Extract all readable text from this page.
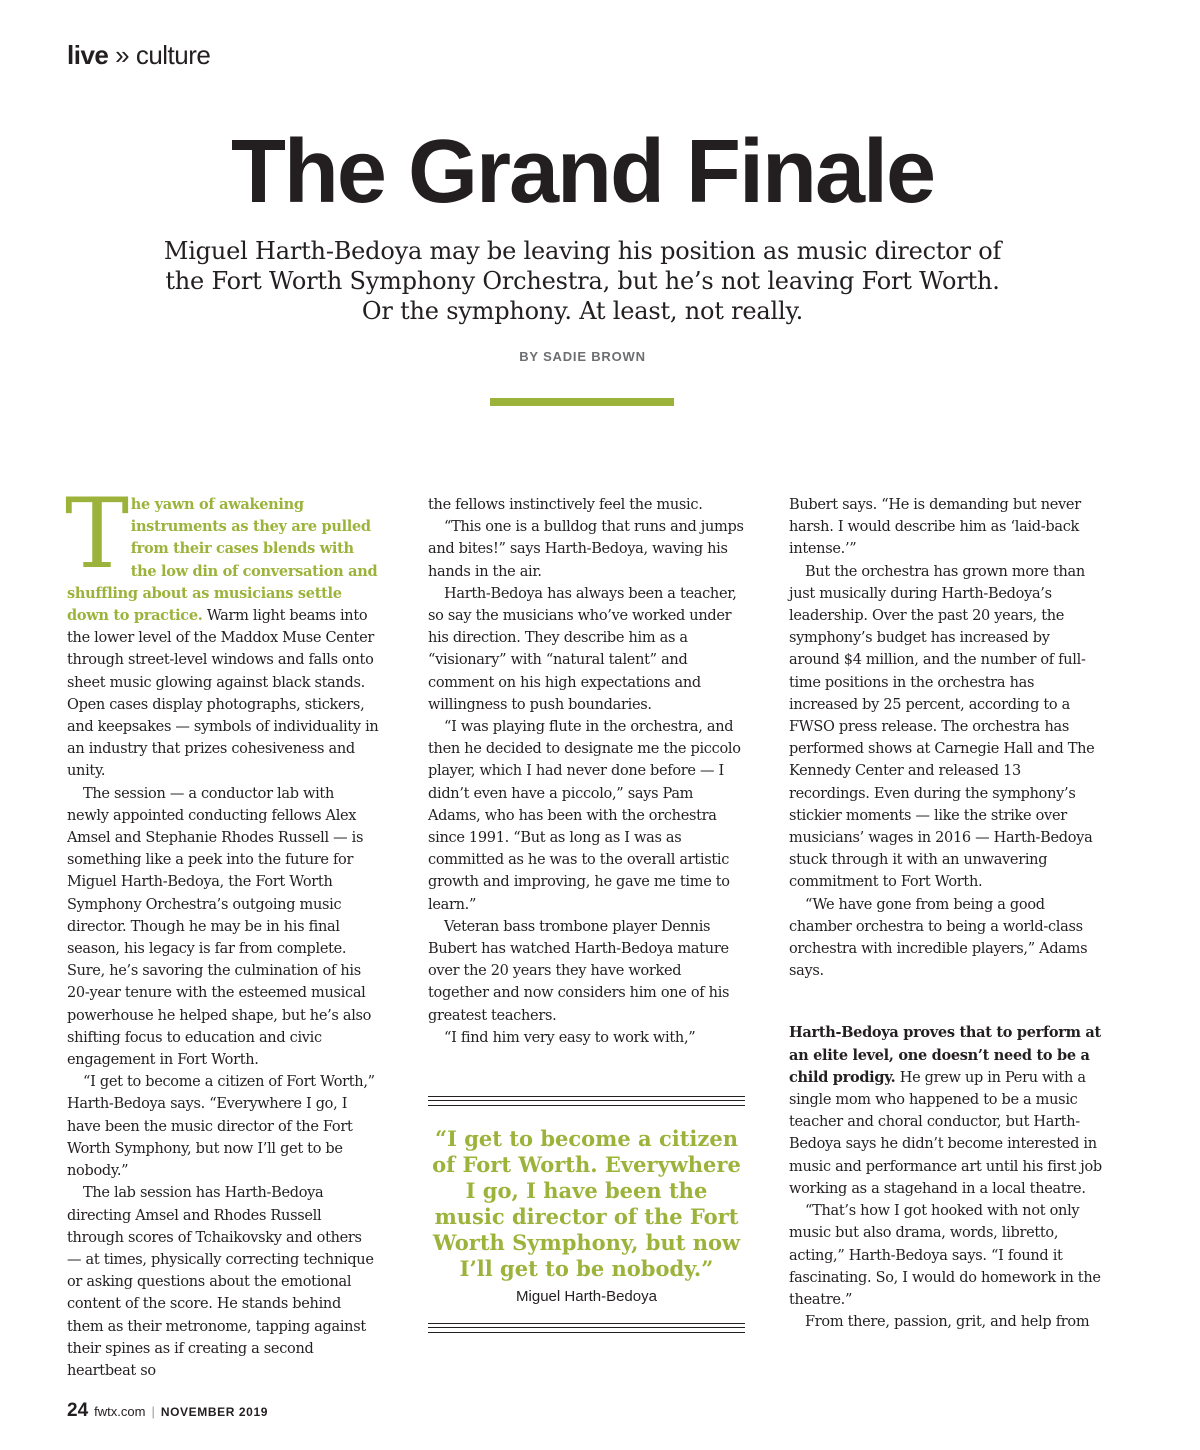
live » culture
The Grand Finale
Miguel Harth-Bedoya may be leaving his position as music director of the Fort Worth Symphony Orchestra, but he’s not leaving Fort Worth. Or the symphony. At least, not really.
BY SADIE BROWN

The yawn of awakening instruments as they are pulled from their cases blends with the low din of conversation and shuffling about as musicians settle down to practice. Warm light beams into the lower level of the Maddox Muse Center through street-level windows and falls onto sheet music glowing against black stands. Open cases display photographs, stickers, and keepsakes — symbols of individuality in an industry that prizes cohesiveness and unity.

The session — a conductor lab with newly appointed conducting fellows Alex Amsel and Stephanie Rhodes Russell — is something like a peek into the future for Miguel Harth-Bedoya, the Fort Worth Symphony Orchestra’s outgoing music director. Though he may be in his final season, his legacy is far from complete. Sure, he’s savoring the culmination of his 20-year tenure with the esteemed musical powerhouse he helped shape, but he’s also shifting focus to education and civic engagement in Fort Worth.

“I get to become a citizen of Fort Worth,” Harth-Bedoya says. “Everywhere I go, I have been the music director of the Fort Worth Symphony, but now I’ll get to be nobody.”

The lab session has Harth-Bedoya directing Amsel and Rhodes Russell through scores of Tchaikovsky and others — at times, physically correcting technique or asking questions about the emotional content of the score. He stands behind them as their metronome, tapping against their spines as if creating a second heartbeat so

the fellows instinctively feel the music.

“This one is a bulldog that runs and jumps and bites!” says Harth-Bedoya, waving his hands in the air.

Harth-Bedoya has always been a teacher, so say the musicians who’ve worked under his direction. They describe him as a “visionary” with “natural talent” and comment on his high expectations and willingness to push boundaries.

“I was playing flute in the orchestra, and then he decided to designate me the piccolo player, which I had never done before — I didn’t even have a piccolo,” says Pam Adams, who has been with the orchestra since 1991. “But as long as I was as committed as he was to the overall artistic growth and improving, he gave me time to learn.”

Veteran bass trombone player Dennis Bubert has watched Harth-Bedoya mature over the 20 years they have worked together and now considers him one of his greatest teachers.

“I find him very easy to work with,”

“I get to become a citizen of Fort Worth. Everywhere I go, I have been the music director of the Fort Worth Symphony, but now I’ll get to be nobody.”
Miguel Harth-Bedoya

Bubert says. “He is demanding but never harsh. I would describe him as ‘laid-back intense.’”

But the orchestra has grown more than just musically during Harth-Bedoya’s leadership. Over the past 20 years, the symphony’s budget has increased by around $4 million, and the number of full-time positions in the orchestra has increased by 25 percent, according to a FWSO press release. The orchestra has performed shows at Carnegie Hall and The Kennedy Center and released 13 recordings. Even during the symphony’s stickier moments — like the strike over musicians’ wages in 2016 — Harth-Bedoya stuck through it with an unwavering commitment to Fort Worth.

“We have gone from being a good chamber orchestra to being a world-class orchestra with incredible players,” Adams says.

Harth-Bedoya proves that to perform at an elite level, one doesn’t need to be a child prodigy. He grew up in Peru with a single mom who happened to be a music teacher and choral conductor, but Harth-Bedoya says he didn’t become interested in music and performance art until his first job working as a stagehand in a local theatre.

“That’s how I got hooked with not only music but also drama, words, libretto, acting,” Harth-Bedoya says. “I found it fascinating. So, I would do homework in the theatre.”

From there, passion, grit, and help from

24 fwtx.com | NOVEMBER 2019
